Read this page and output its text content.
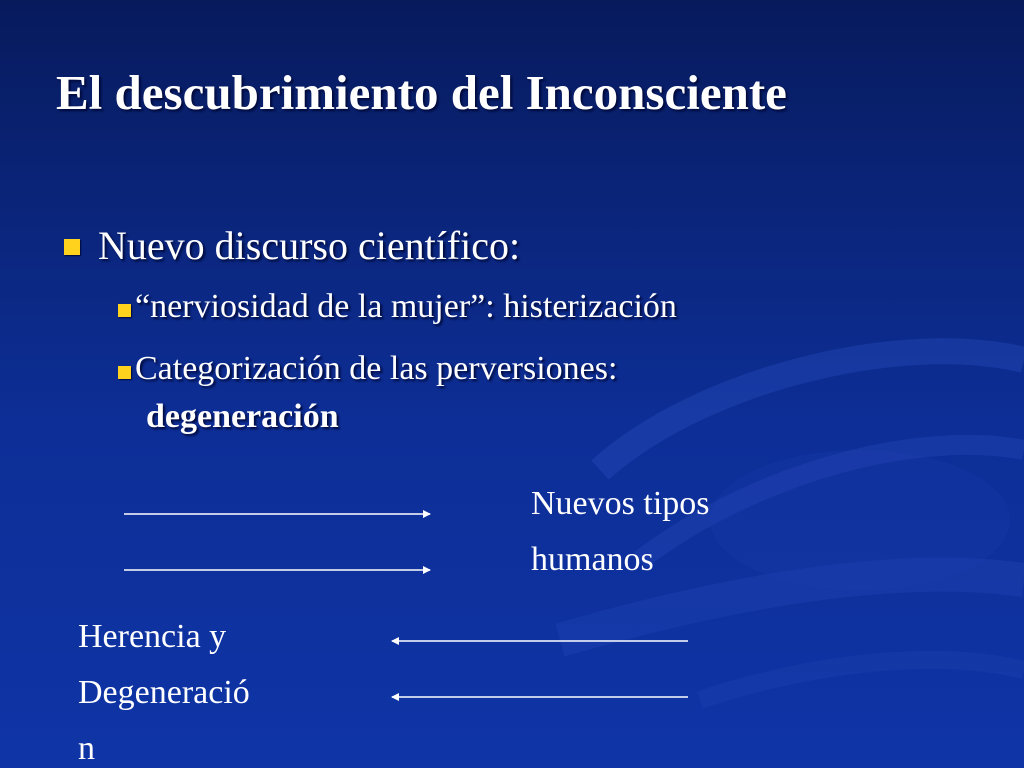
El descubrimiento del Inconsciente
Nuevo discurso científico:
“nerviosidad de la mujer”: histerización
Categorización de las perversiones:
degeneración
Nuevos tipos
humanos
Herencia y
Degeneració
n
